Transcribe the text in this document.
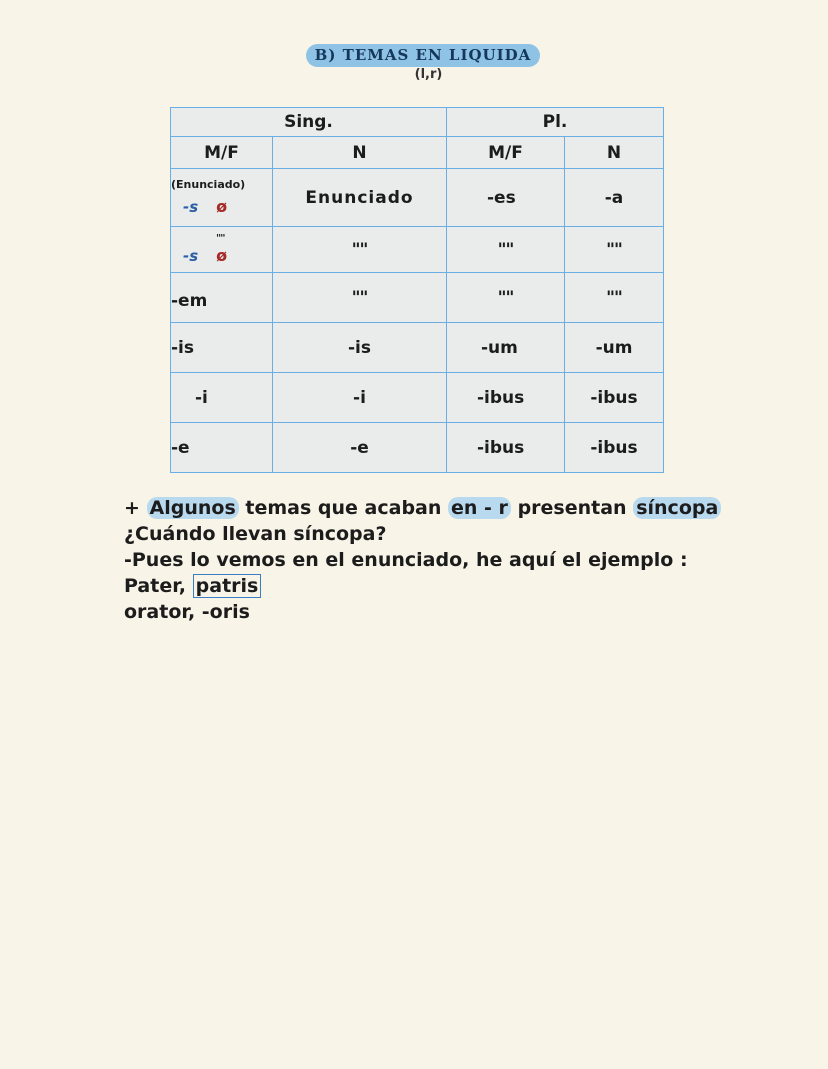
B) TEMAS EN LIQUIDA
(l,r)
Sing.		Pl.	
M/F	N	M/F	N

(Enunciado)
-s ø	Enunciado	-es	-a

""
-s ø	""	""	""
-em	""	""	""
-is	-is	-um	-um
-i	-i	-ibus	-ibus
-e	-e	-ibus	-ibus
+ Algunos temas que acaban en - r presentan síncopa
¿Cuándo llevan síncopa?
-Pues lo vemos en el enunciado, he aquí el ejemplo :
Pater, patris
orator, -oris
